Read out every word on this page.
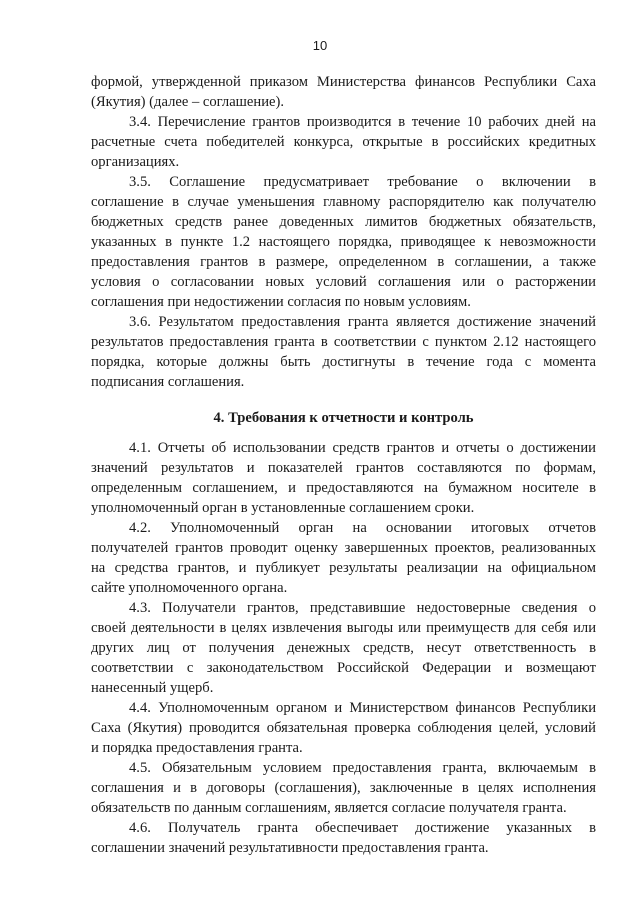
10
формой, утвержденной приказом Министерства финансов Республики Саха
(Якутия) (далее – соглашение).
3.4. Перечисление грантов производится в течение 10 рабочих дней на
расчетные счета победителей конкурса, открытые в российских кредитных
организациях.
3.5. Соглашение предусматривает требование о включении в
соглашение в случае уменьшения главному распорядителю как получателю
бюджетных средств ранее доведенных лимитов бюджетных обязательств,
указанных в пункте 1.2 настоящего порядка, приводящее к невозможности
предоставления грантов в размере, определенном в соглашении, а также
условия о согласовании новых условий соглашения или о расторжении
соглашения при недостижении согласия по новым условиям.
3.6. Результатом предоставления гранта является достижение значений
результатов предоставления гранта в соответствии с пунктом 2.12 настоящего
порядка, которые должны быть достигнуты в течение года с момента
подписания соглашения.
4. Требования к отчетности и контроль
4.1. Отчеты об использовании средств грантов и отчеты о достижении
значений результатов и показателей грантов составляются по формам,
определенным соглашением, и предоставляются на бумажном носителе в
уполномоченный орган в установленные соглашением сроки.
4.2. Уполномоченный орган на основании итоговых отчетов
получателей грантов проводит оценку завершенных проектов, реализованных
на средства грантов, и публикует результаты реализации на официальном
сайте уполномоченного органа.
4.3. Получатели грантов, представившие недостоверные сведения о
своей деятельности в целях извлечения выгоды или преимуществ для себя или
других лиц от получения денежных средств, несут ответственность в
соответствии с законодательством Российской Федерации и возмещают
нанесенный ущерб.
4.4. Уполномоченным органом и Министерством финансов Республики
Саха (Якутия) проводится обязательная проверка соблюдения целей, условий
и порядка предоставления гранта.
4.5. Обязательным условием предоставления гранта, включаемым в
соглашения и в договоры (соглашения), заключенные в целях исполнения
обязательств по данным соглашениям, является согласие получателя гранта.
4.6. Получатель гранта обеспечивает достижение указанных в
соглашении значений результативности предоставления гранта.
